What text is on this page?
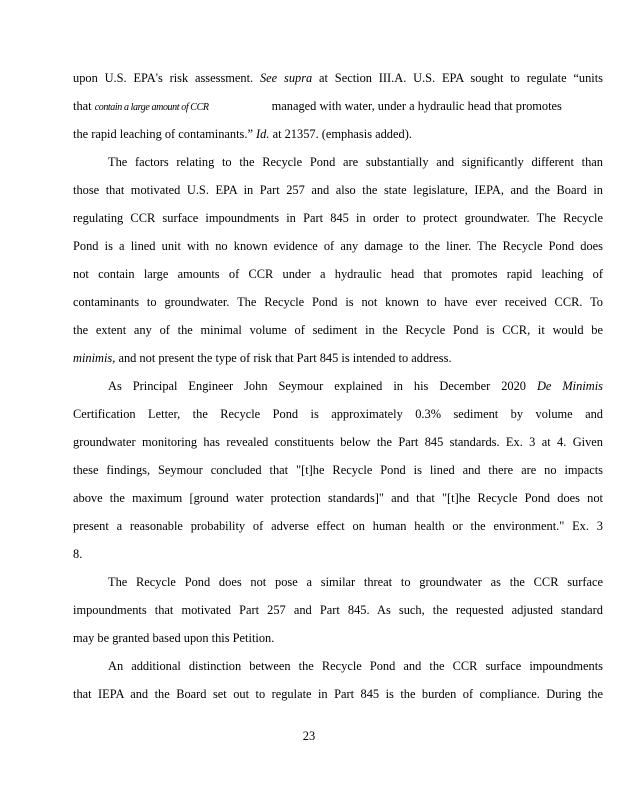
upon U.S. EPA's risk assessment. See supra at Section III.A. U.S. EPA sought to regulate “units
that contain a large amount of CCR	managed with water, under a hydraulic head that promotes
the rapid leaching of contaminants.” Id. at 21357. (emphasis added).
The factors relating to the Recycle Pond are substantially and significantly different than
those that motivated U.S. EPA in Part 257 and also the state legislature, IEPA, and the Board in
regulating CCR surface impoundments in Part 845 in order to protect groundwater. The Recycle
Pond is a lined unit with no known evidence of any damage to the liner. The Recycle Pond does
not contain large amounts of CCR under a hydraulic head that promotes rapid leaching of
contaminants to groundwater. The Recycle Pond is not known to have ever received CCR. To
the extent any of the minimal volume of sediment in the Recycle Pond is CCR, it would be
minimis, and not present the type of risk that Part 845 is intended to address.
As Principal Engineer John Seymour explained in his December 2020 De Minimis
Certification Letter, the Recycle Pond is approximately 0.3% sediment by volume and
groundwater monitoring has revealed constituents below the Part 845 standards. Ex. 3 at 4. Given
these findings, Seymour concluded that "[t]he Recycle Pond is lined and there are no impacts
above the maximum [ground water protection standards]" and that "[t]he Recycle Pond does not
present a reasonable probability of adverse effect on human health or the environment." Ex. 3
8.
The Recycle Pond does not pose a similar threat to groundwater as the CCR surface
impoundments that motivated Part 257 and Part 845. As such, the requested adjusted standard
may be granted based upon this Petition.
An additional distinction between the Recycle Pond and the CCR surface impoundments
that IEPA and the Board set out to regulate in Part 845 is the burden of compliance. During the
23
